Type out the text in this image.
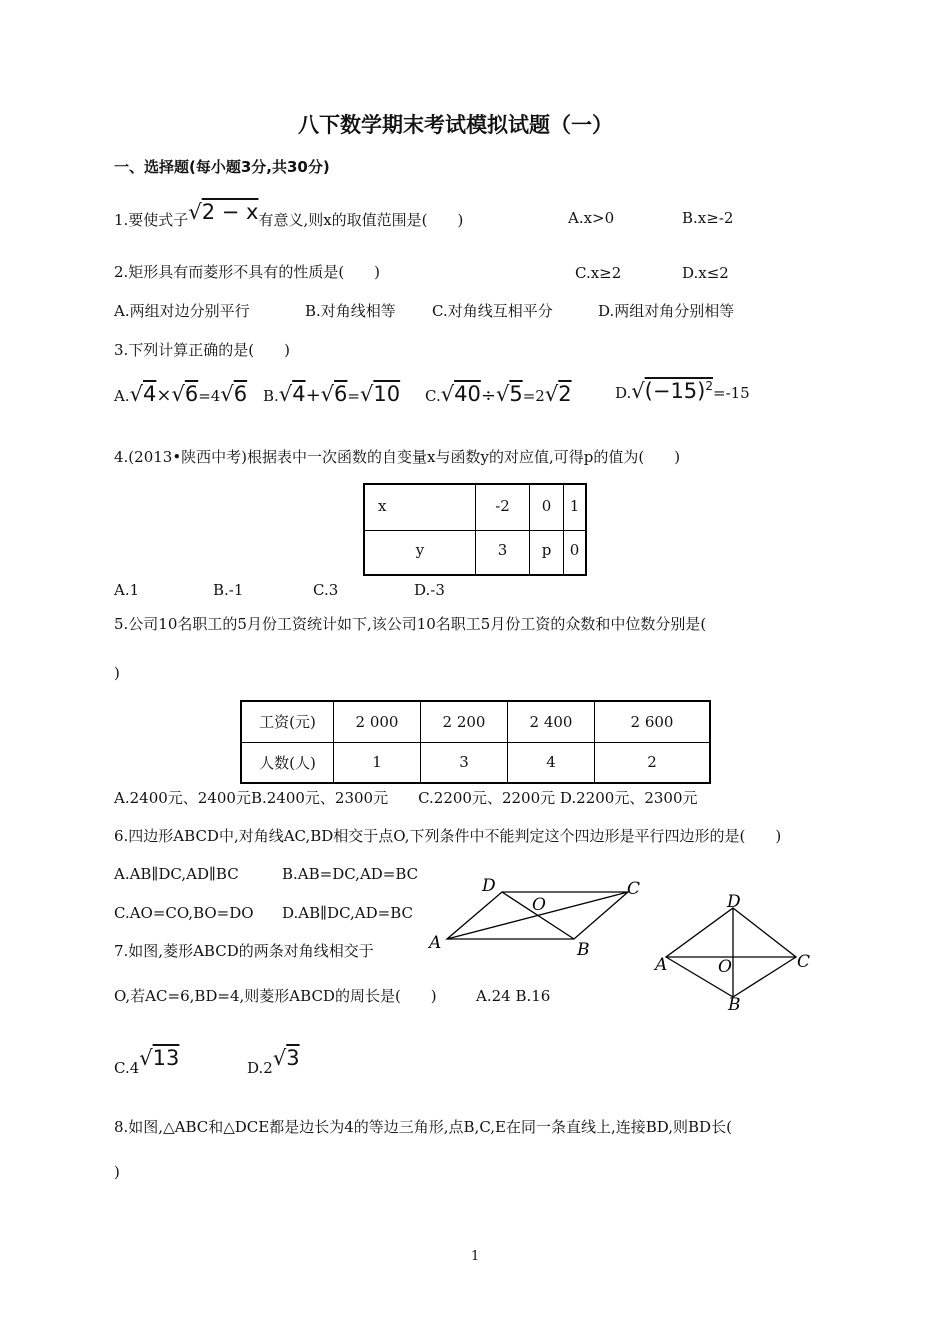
八下数学期末考试模拟试题（一）
一、选择题(每小题3分,共30分)
1.要使式子√2 − x有意义,则x的取值范围是(　　)	A.x>0	B.x≥-2
2.矩形具有而菱形不具有的性质是(　　)	C.x≥2	D.x≤2
A.两组对边分别平行	B.对角线相等 C.对角线互相平分	D.两组对角分别相等
3.下列计算正确的是(　　)
A.√4×√6=4√6 B.√4+√6=√10 C.√40÷√5=2√2	$D.√(-15)^2=-15$
4.(2013•陕西中考)根据表中一次函数的自变量x与函数y的对应值,可得p的值为(　　)
x	-2	0	1
y	3	p	0
A.1	B.-1	C.3	D.-3
5.公司10名职工的5月份工资统计如下,该公司10名职工5月份工资的众数和中位数分别是(
)
工资(元)	2 000	2 200	2 400	2 600
人数(人)	1	3	4	2
A.2400元、2400元B.2400元、2300元　　C.2200元、2200元 D.2200元、2300元
6.四边形ABCD中,对角线AC,BD相交于点O,下列条件中不能判定这个四边形是平行四边形的是(　　)
A.AB∥DC,AD∥BC	B.AB=DC,AD=BC
C.AO=CO,BO=DO D.AB∥DC,AD=BC
A	B
C
D
O
7.如图,菱形ABCD的两条对角线相交于
O,若AC=6,BD=4,则菱形ABCD的周长是(　　)	A.24 B.16
A
B
C
D
O
C.4√13	D.2√3
8.如图,△ABC和△DCE都是边长为4的等边三角形,点B,C,E在同一条直线上,连接BD,则BD长(
)
1
